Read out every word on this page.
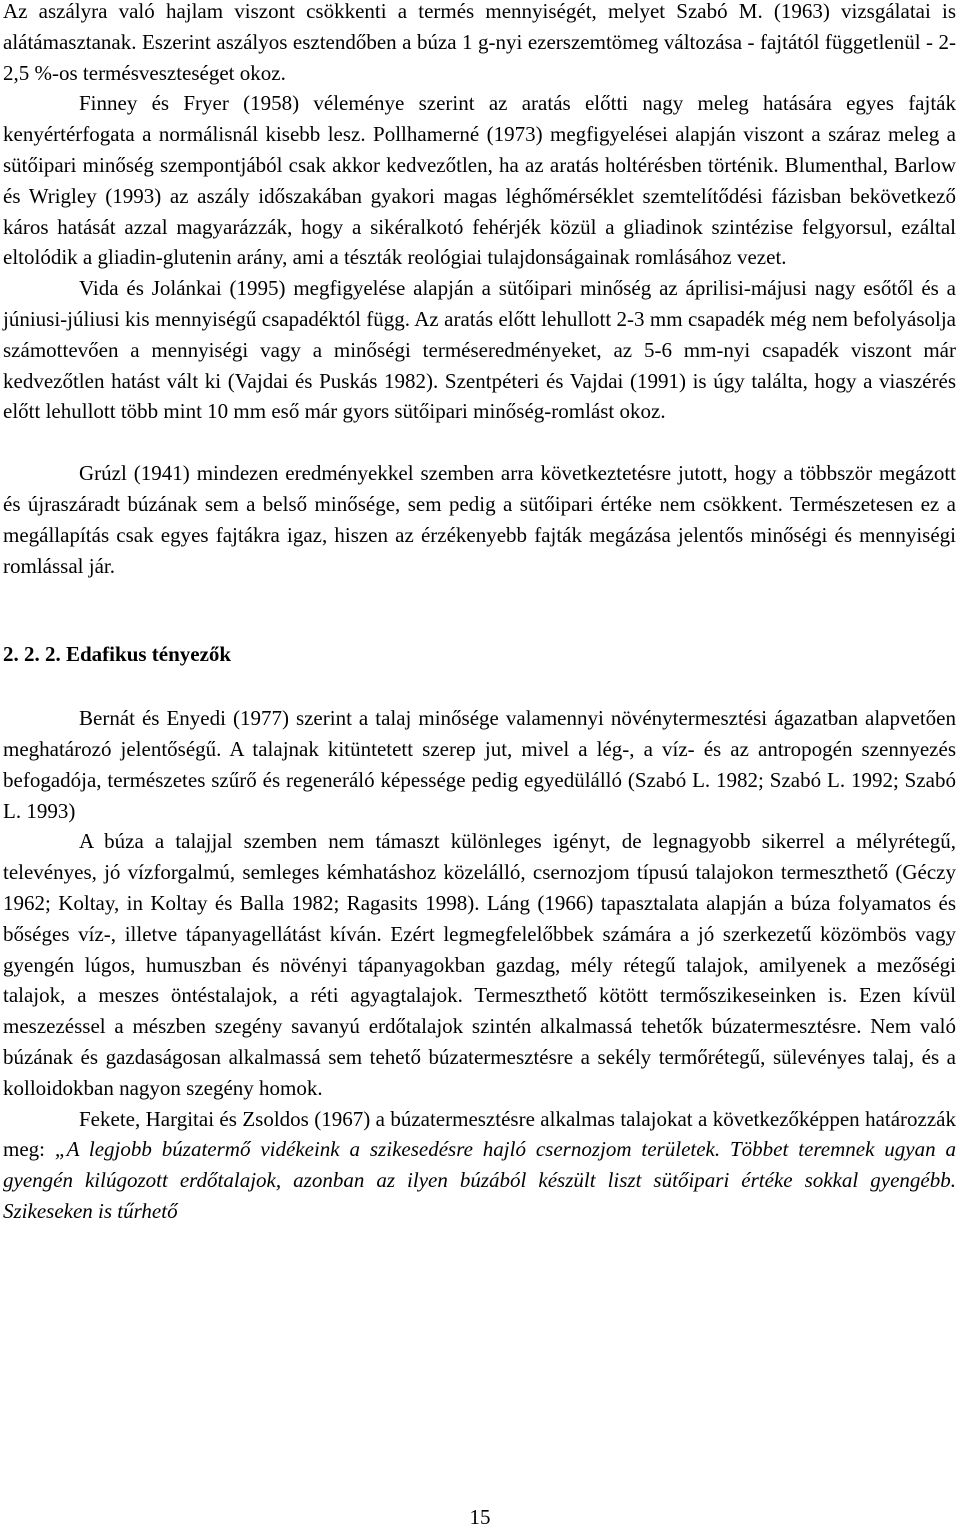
Az aszályra való hajlam viszont csökkenti a termés mennyiségét, melyet Szabó M. (1963) vizsgálatai is alátámasztanak. Eszerint aszályos esztendőben a búza 1 g-nyi ezerszemtömeg változása - fajtától függetlenül - 2-2,5 %-os termésveszteséget okoz.

Finney és Fryer (1958) véleménye szerint az aratás előtti nagy meleg hatására egyes fajták kenyértérfogata a normálisnál kisebb lesz. Pollhamerné (1973) megfigyelései alapján viszont a száraz meleg a sütőipari minőség szempontjából csak akkor kedvezőtlen, ha az aratás holtérésben történik. Blumenthal, Barlow és Wrigley (1993) az aszály időszakában gyakori magas léghőmérséklet szemtelítődési fázisban bekövetkező káros hatását azzal magyarázzák, hogy a sikéralkotó fehérjék közül a gliadinok szintézise felgyorsul, ezáltal eltolódik a gliadin-glutenin arány, ami a tészták reológiai tulajdonságainak romlásához vezet.

Vida és Jolánkai (1995) megfigyelése alapján a sütőipari minőség az áprilisi-májusi nagy esőtől és a júniusi-júliusi kis mennyiségű csapadéktól függ. Az aratás előtt lehullott 2-3 mm csapadék még nem befolyásolja számottevően a mennyiségi vagy a minőségi terméseredményeket, az 5-6 mm-nyi csapadék viszont már kedvezőtlen hatást vált ki (Vajdai és Puskás 1982). Szentpéteri és Vajdai (1991) is úgy találta, hogy a viaszérés előtt lehullott több mint 10 mm eső már gyors sütőipari minőség-romlást okoz.

Grúzl (1941) mindezen eredményekkel szemben arra következtetésre jutott, hogy a többször megázott és újraszáradt búzának sem a belső minősége, sem pedig a sütőipari értéke nem csökkent. Természetesen ez a megállapítás csak egyes fajtákra igaz, hiszen az érzékenyebb fajták megázása jelentős minőségi és mennyiségi romlással jár.

2. 2. 2. Edafikus tényezők

Bernát és Enyedi (1977) szerint a talaj minősége valamennyi növénytermesztési ágazatban alapvetően meghatározó jelentőségű. A talajnak kitüntetett szerep jut, mivel a lég-, a víz- és az antropogén szennyezés befogadója, természetes szűrő és regeneráló képessége pedig egyedülálló (Szabó L. 1982; Szabó L. 1992; Szabó L. 1993)

A búza a talajjal szemben nem támaszt különleges igényt, de legnagyobb sikerrel a mélyrétegű, televényes, jó vízforgalmú, semleges kémhatáshoz közelálló, csernozjom típusú talajokon termeszthető (Géczy 1962; Koltay, in Koltay és Balla 1982; Ragasits 1998). Láng (1966) tapasztalata alapján a búza folyamatos és bőséges víz-, illetve tápanyagellátást kíván. Ezért legmegfelelőbbek számára a jó szerkezetű közömbös vagy gyengén lúgos, humuszban és növényi tápanyagokban gazdag, mély rétegű talajok, amilyenek a mezőségi talajok, a meszes öntéstalajok, a réti agyagtalajok. Termeszthető kötött termőszikeseinken is. Ezen kívül meszezéssel a mészben szegény savanyú erdőtalajok szintén alkalmassá tehetők búzatermesztésre. Nem való búzának és gazdaságosan alkalmassá sem tehető búzatermesztésre a sekély termőrétegű, sülevényes talaj, és a kolloidokban nagyon szegény homok.

Fekete, Hargitai és Zsoldos (1967) a búzatermesztésre alkalmas talajokat a következőképpen határozzák meg: „A legjobb búzatermő vidékeink a szikesedésre hajló csernozjom területek. Többet teremnek ugyan a gyengén kilúgozott erdőtalajok, azonban az ilyen búzából készült liszt sütőipari értéke sokkal gyengébb. Szikeseken is tűrhető

15
